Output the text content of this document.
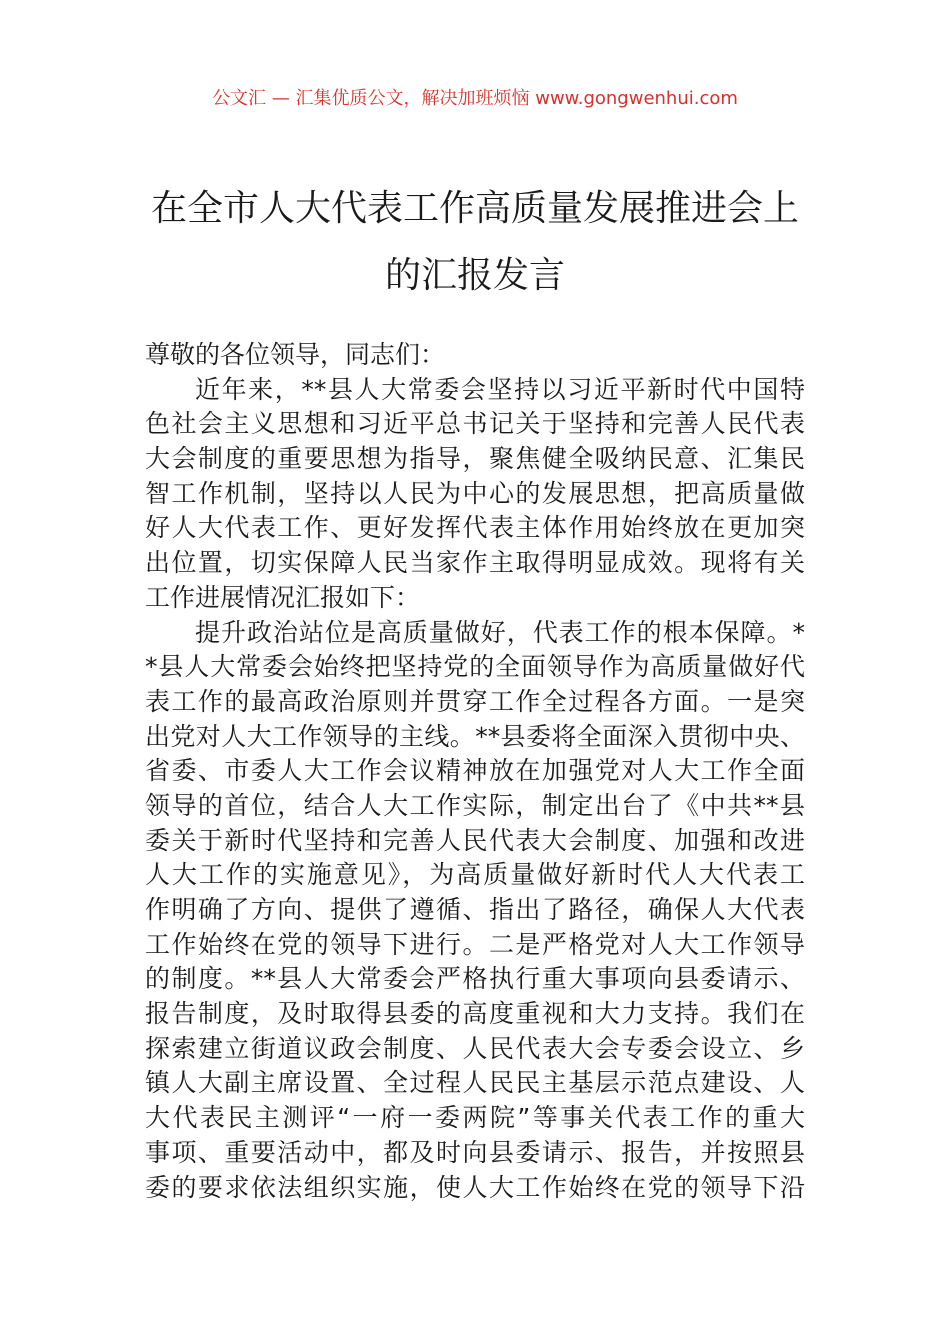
公文汇 — 汇集优质公文，解决加班烦恼 www.gongwenhui.com
在全市人大代表工作高质量发展推进会上
的汇报发言
尊敬的各位领导，同志们：
近年来，**县人大常委会坚持以习近平新时代中国特
色社会主义思想和习近平总书记关于坚持和完善人民代表
大会制度的重要思想为指导，聚焦健全吸纳民意、汇集民
智工作机制，坚持以人民为中心的发展思想，把高质量做
好人大代表工作、更好发挥代表主体作用始终放在更加突
出位置，切实保障人民当家作主取得明显成效。现将有关
工作进展情况汇报如下：
提升政治站位是高质量做好，代表工作的根本保障。*
*县人大常委会始终把坚持党的全面领导作为高质量做好代
表工作的最高政治原则并贯穿工作全过程各方面。一是突
出党对人大工作领导的主线。**县委将全面深入贯彻中央、
省委、市委人大工作会议精神放在加强党对人大工作全面
领导的首位，结合人大工作实际，制定出台了《中共**县
委关于新时代坚持和完善人民代表大会制度、加强和改进
人大工作的实施意见》，为高质量做好新时代人大代表工
作明确了方向、提供了遵循、指出了路径，确保人大代表
工作始终在党的领导下进行。二是严格党对人大工作领导
的制度。**县人大常委会严格执行重大事项向县委请示、
报告制度，及时取得县委的高度重视和大力支持。我们在
探索建立街道议政会制度、人民代表大会专委会设立、乡
镇人大副主席设置、全过程人民民主基层示范点建设、人
大代表民主测评“一府一委两院”等事关代表工作的重大
事项、重要活动中，都及时向县委请示、报告，并按照县
委的要求依法组织实施，使人大工作始终在党的领导下沿
